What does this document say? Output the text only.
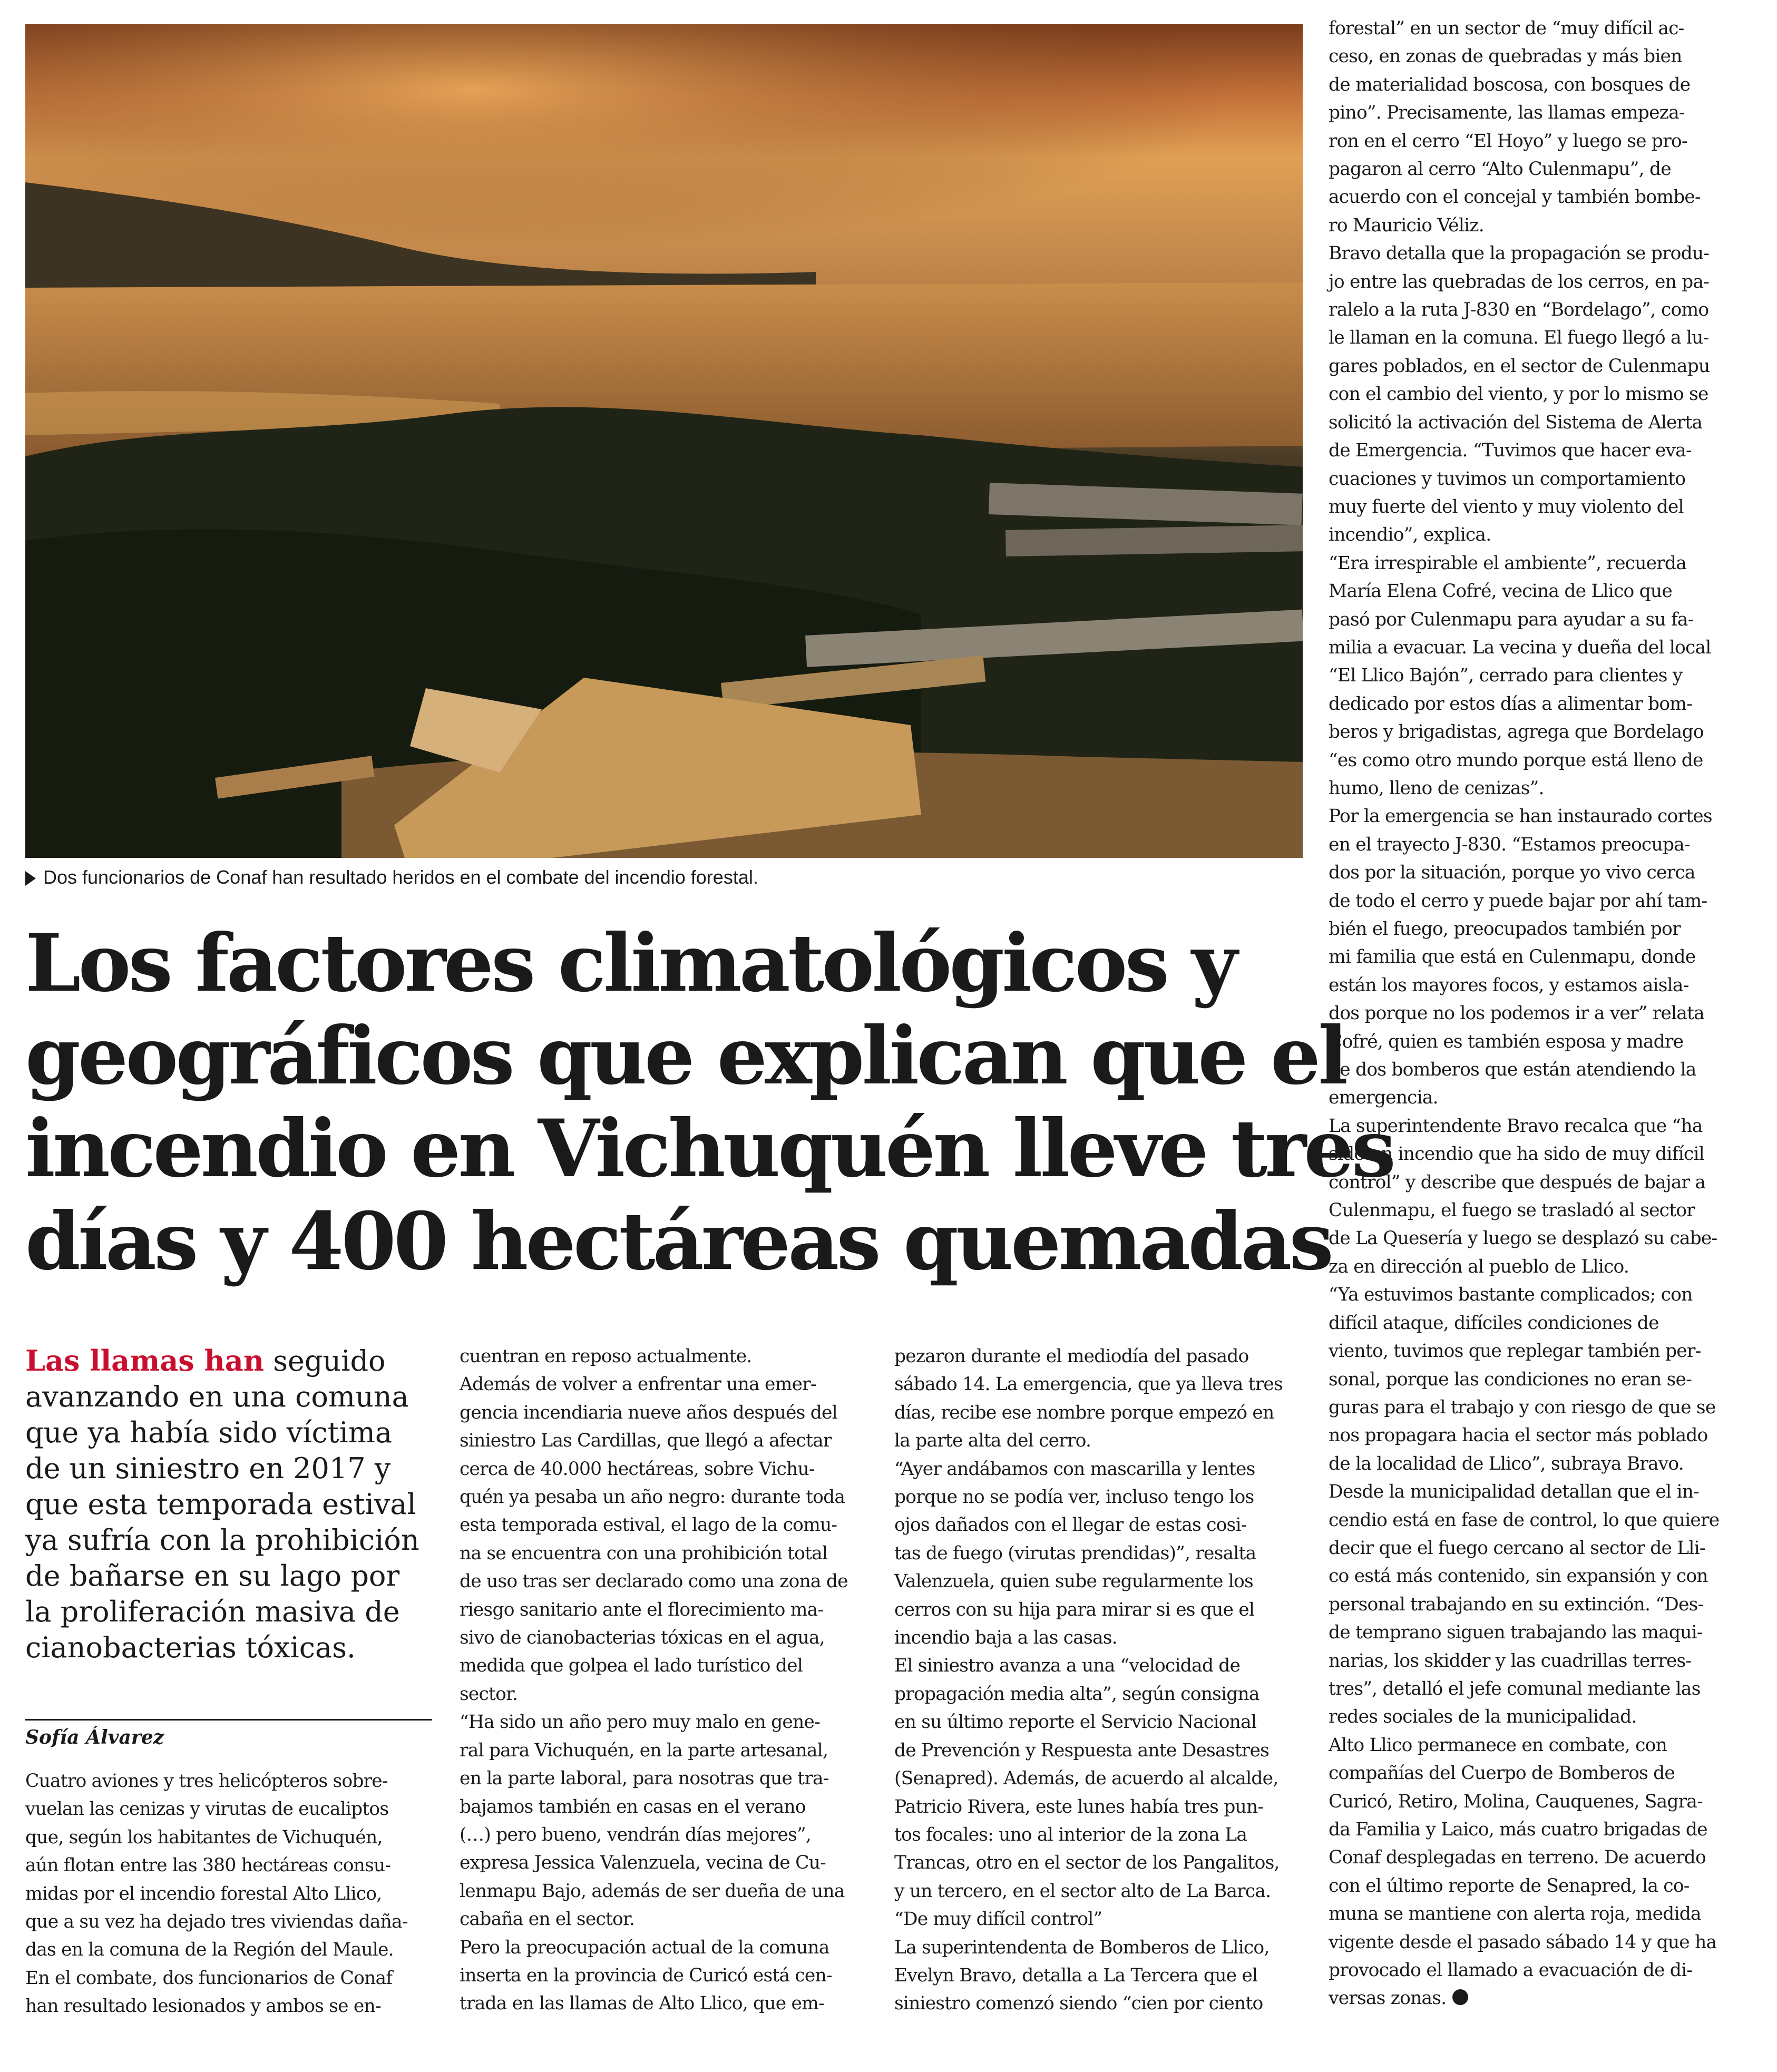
Dos funcionarios de Conaf han resultado heridos en el combate del incendio forestal.
Los factores climatológicos y
geográficos que explican que el
incendio en Vichuquén lleve tres
días y 400 hectáreas quemadas
Las llamas han seguido
avanzando en una comuna
que ya había sido víctima
de un siniestro en 2017 y
que esta temporada estival
ya sufría con la prohibición
de bañarse en su lago por
la proliferación masiva de
cianobacterias tóxicas.
Sofía Álvarez
Cuatro aviones y tres helicópteros sobre-
vuelan las cenizas y virutas de eucaliptos
que, según los habitantes de Vichuquén,
aún flotan entre las 380 hectáreas consu-
midas por el incendio forestal Alto Llico,
que a su vez ha dejado tres viviendas daña-
das en la comuna de la Región del Maule.
En el combate, dos funcionarios de Conaf
han resultado lesionados y ambos se en-
cuentran en reposo actualmente.
Además de volver a enfrentar una emer-
gencia incendiaria nueve años después del
siniestro Las Cardillas, que llegó a afectar
cerca de 40.000 hectáreas, sobre Vichu-
quén ya pesaba un año negro: durante toda
esta temporada estival, el lago de la comu-
na se encuentra con una prohibición total
de uso tras ser declarado como una zona de
riesgo sanitario ante el florecimiento ma-
sivo de cianobacterias tóxicas en el agua,
medida que golpea el lado turístico del
sector.
“Ha sido un año pero muy malo en gene-
ral para Vichuquén, en la parte artesanal,
en la parte laboral, para nosotras que tra-
bajamos también en casas en el verano
(…) pero bueno, vendrán días mejores”,
expresa Jessica Valenzuela, vecina de Cu-
lenmapu Bajo, además de ser dueña de una
cabaña en el sector.
Pero la preocupación actual de la comuna
inserta en la provincia de Curicó está cen-
trada en las llamas de Alto Llico, que em-
pezaron durante el mediodía del pasado
sábado 14. La emergencia, que ya lleva tres
días, recibe ese nombre porque empezó en
la parte alta del cerro.
“Ayer andábamos con mascarilla y lentes
porque no se podía ver, incluso tengo los
ojos dañados con el llegar de estas cosi-
tas de fuego (virutas prendidas)”, resalta
Valenzuela, quien sube regularmente los
cerros con su hija para mirar si es que el
incendio baja a las casas.
El siniestro avanza a una “velocidad de
propagación media alta”, según consigna
en su último reporte el Servicio Nacional
de Prevención y Respuesta ante Desastres
(Senapred). Además, de acuerdo al alcalde,
Patricio Rivera, este lunes había tres pun-
tos focales: uno al interior de la zona La
Trancas, otro en el sector de los Pangalitos,
y un tercero, en el sector alto de La Barca.
“De muy difícil control”
La superintendenta de Bomberos de Llico,
Evelyn Bravo, detalla a La Tercera que el
siniestro comenzó siendo “cien por ciento
forestal” en un sector de “muy difícil ac-
ceso, en zonas de quebradas y más bien
de materialidad boscosa, con bosques de
pino”. Precisamente, las llamas empeza-
ron en el cerro “El Hoyo” y luego se pro-
pagaron al cerro “Alto Culenmapu”, de
acuerdo con el concejal y también bombe-
ro Mauricio Véliz.
Bravo detalla que la propagación se produ-
jo entre las quebradas de los cerros, en pa-
ralelo a la ruta J-830 en “Bordelago”, como
le llaman en la comuna. El fuego llegó a lu-
gares poblados, en el sector de Culenmapu
con el cambio del viento, y por lo mismo se
solicitó la activación del Sistema de Alerta
de Emergencia. “Tuvimos que hacer eva-
cuaciones y tuvimos un comportamiento
muy fuerte del viento y muy violento del
incendio”, explica.
“Era irrespirable el ambiente”, recuerda
María Elena Cofré, vecina de Llico que
pasó por Culenmapu para ayudar a su fa-
milia a evacuar. La vecina y dueña del local
“El Llico Bajón”, cerrado para clientes y
dedicado por estos días a alimentar bom-
beros y brigadistas, agrega que Bordelago
“es como otro mundo porque está lleno de
humo, lleno de cenizas”.
Por la emergencia se han instaurado cortes
en el trayecto J-830. “Estamos preocupa-
dos por la situación, porque yo vivo cerca
de todo el cerro y puede bajar por ahí tam-
bién el fuego, preocupados también por
mi familia que está en Culenmapu, donde
están los mayores focos, y estamos aisla-
dos porque no los podemos ir a ver” relata
Cofré, quien es también esposa y madre
de dos bomberos que están atendiendo la
emergencia.
La superintendente Bravo recalca que “ha
sido un incendio que ha sido de muy difícil
control” y describe que después de bajar a
Culenmapu, el fuego se trasladó al sector
de La Quesería y luego se desplazó su cabe-
za en dirección al pueblo de Llico.
“Ya estuvimos bastante complicados; con
difícil ataque, difíciles condiciones de
viento, tuvimos que replegar también per-
sonal, porque las condiciones no eran se-
guras para el trabajo y con riesgo de que se
nos propagara hacia el sector más poblado
de la localidad de Llico”, subraya Bravo.
Desde la municipalidad detallan que el in-
cendio está en fase de control, lo que quiere
decir que el fuego cercano al sector de Lli-
co está más contenido, sin expansión y con
personal trabajando en su extinción. “Des-
de temprano siguen trabajando las maqui-
narias, los skidder y las cuadrillas terres-
tres”, detalló el jefe comunal mediante las
redes sociales de la municipalidad.
Alto Llico permanece en combate, con
compañías del Cuerpo de Bomberos de
Curicó, Retiro, Molina, Cauquenes, Sagra-
da Familia y Laico, más cuatro brigadas de
Conaf desplegadas en terreno. De acuerdo
con el último reporte de Senapred, la co-
muna se mantiene con alerta roja, medida
vigente desde el pasado sábado 14 y que ha
provocado el llamado a evacuación de di-
versas zonas.
